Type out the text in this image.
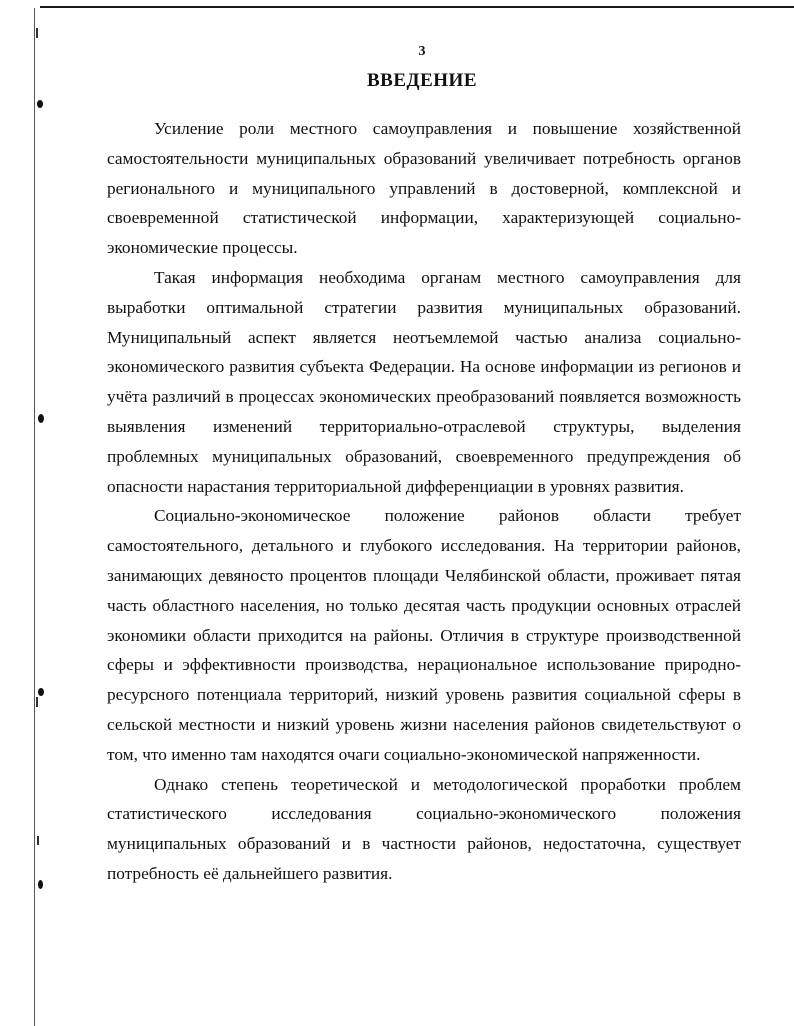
3
ВВЕДЕНИЕ

Усиление роли местного самоуправления и повышение хозяйственной самостоятельности муниципальных образований увеличивает потребность органов регионального и муниципального управлений в достоверной, комплексной и своевременной статистической информации, характеризующей социально-экономические процессы.

Такая информация необходима органам местного самоуправления для выработки оптимальной стратегии развития муниципальных образований. Муниципальный аспект является неотъемлемой частью анализа социально-экономического развития субъекта Федерации. На основе информации из регионов и учёта различий в процессах экономических преобразований появляется возможность выявления изменений территориально-отраслевой структуры, выделения проблемных муниципальных образований, своевременного предупреждения об опасности нарастания территориальной дифференциации в уровнях развития.

Социально-экономическое положение районов области требует самостоятельного, детального и глубокого исследования. На территории районов, занимающих девяносто процентов площади Челябинской области, проживает пятая часть областного населения, но только десятая часть продукции основных отраслей экономики области приходится на районы. Отличия в структуре производственной сферы и эффективности производства, нерациональное использование природно-ресурсного потенциала территорий, низкий уровень развития социальной сферы в сельской местности и низкий уровень жизни населения районов свидетельствуют о том, что именно там находятся очаги социально-экономической напряженности.

Однако степень теоретической и методологической проработки проблем статистического исследования социально-экономического положения муниципальных образований и в частности районов, недостаточна, существует потребность её дальнейшего развития.
